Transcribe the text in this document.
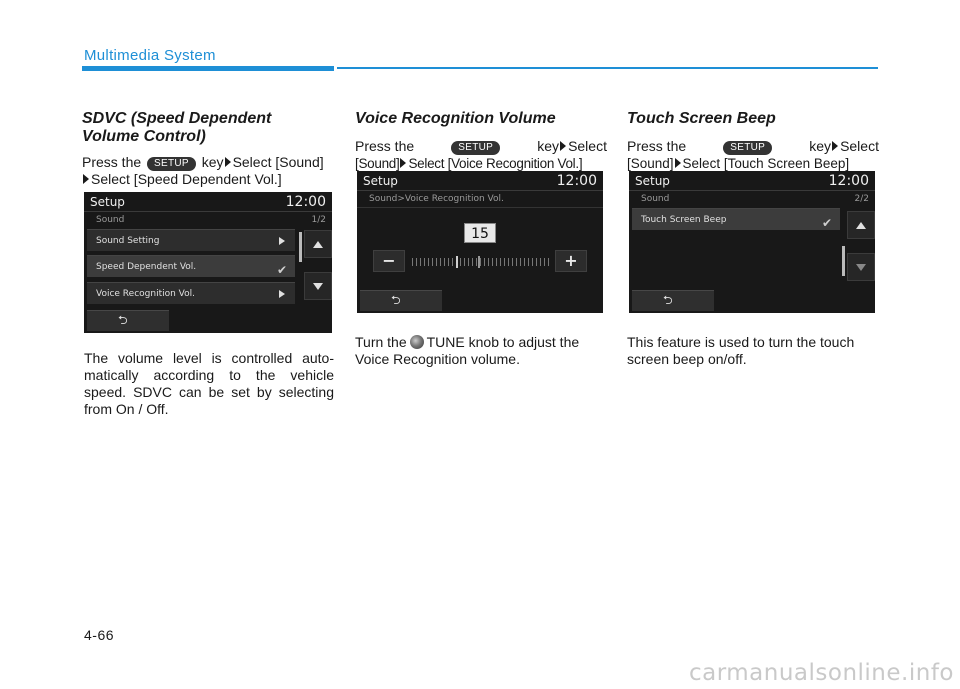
Multimedia System
SDVC (Speed Dependent
Volume Control)
Press the SETUP key Select [Sound]
Select [Speed Dependent Vol.]
Setup	12:00
Sound	1/2
Sound Setting
Speed Dependent Vol.	✔
Voice Recognition Vol.
⮌
The volume level is controlled auto-matically according to the vehicle speed. SDVC can be set by selecting from On / Off.
Voice Recognition Volume
Press the	SETUP	key Select
[Sound] Select [Voice Recognition Vol.]
Setup	12:00
Sound>Voice Recognition Vol.
15
−	+
⮌
Turn the TUNE knob to adjust the Voice Recognition volume.
Touch Screen Beep
Press the	SETUP	key Select
[Sound] Select [Touch Screen Beep]
Setup	12:00
Sound	2/2
Touch Screen Beep	✔
⮌
This feature is used to turn the touch screen beep on/off.
4-66
carmanualsonline.info
